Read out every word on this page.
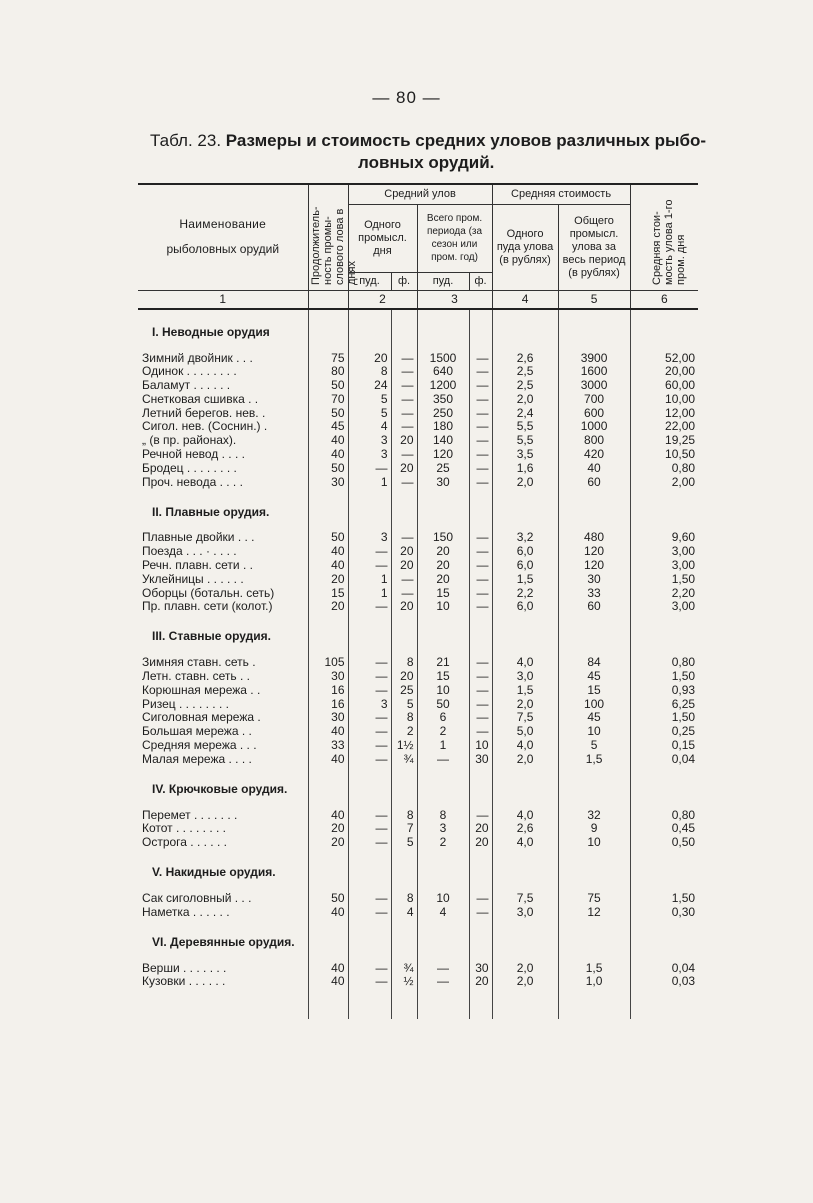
— 80 —
Табл. 23. Размеры и стоимость средних уловов различных рыбо-
ловных орудий.
Наименование
рыболовных орудий	Продолжитель-ность промы-слового лова в днях	Средний улов				Средняя стоимость		Средняя стои-мость улова 1-го пром. дня
		Одного промысл. дня		Всего пром. периода (за сезон или пром. год)		Одного пуда улова (в рублях)	Общего промысл. улова за весь период (в рублях)	
		пуд.	ф.	пуд.	ф.			
1		2		3		4	5	6
I. Неводные орудия								

Зимний двойник . . .	75	20	—	1500	—	2,6	3900	52,00
Одинок . . . . . . . .	80	8	—	640	—	2,5	1600	20,00
Баламут . . . . . .	50	24	—	1200	—	2,5	3000	60,00
Снетковая сшивка . .	70	5	—	350	—	2,0	700	10,00
Летний берегов. нев. .	50	5	—	250	—	2,4	600	12,00
Сигол. нев. (Соснин.) .	45	4	—	180	—	5,5	1000	22,00
„ (в пр. районах).	40	3	20	140	—	5,5	800	19,25
Речной невод . . . .	40	3	—	120	—	3,5	420	10,50
Бродец . . . . . . . .	50	—	20	25	—	1,6	40	0,80
Проч. невода . . . .	30	1	—	30	—	2,0	60	2,00
II. Плавные орудия.								

Плавные двойки . . .	50	3	—	150	—	3,2	480	9,60
Поезда . . . · . . . .	40	—	20	20	—	6,0	120	3,00
Речн. плавн. сети . .	40	—	20	20	—	6,0	120	3,00
Уклейницы . . . . . .	20	1	—	20	—	1,5	30	1,50
Оборцы (ботальн. сеть)	15	1	—	15	—	2,2	33	2,20
Пр. плавн. сети (колот.)	20	—	20	10	—	6,0	60	3,00
III. Ставные орудия.								

Зимняя ставн. сеть .	105	—	8	21	—	4,0	84	0,80
Летн. ставн. сеть . .	30	—	20	15	—	3,0	45	1,50
Корюшная мережа . .	16	—	25	10	—	1,5	15	0,93
Ризец . . . . . . . .	16	3	5	50	—	2,0	100	6,25
Сиголовная мережа .	30	—	8	6	—	7,5	45	1,50
Большая мережа . .	40	—	2	2	—	5,0	10	0,25
Средняя мережа . . .	33	—	1½	1	10	4,0	5	0,15
Малая мережа . . . .	40	—	¾	—	30	2,0	1,5	0,04
IV. Крючковые орудия.								

Перемет . . . . . . .	40	—	8	8	—	4,0	32	0,80
Котот . . . . . . . .	20	—	7	3	20	2,6	9	0,45
Острога . . . . . .	20	—	5	2	20	4,0	10	0,50
V. Накидные орудия.								

Сак сиголовный . . .	50	—	8	10	—	7,5	75	1,50
Наметка . . . . . .	40	—	4	4	—	3,0	12	0,30
VI. Деревянные орудия.								

Верши . . . . . . .	40	—	¾	—	30	2,0	1,5	0,04
Кузовки . . . . . .	40	—	½	—	20	2,0	1,0	0,03
